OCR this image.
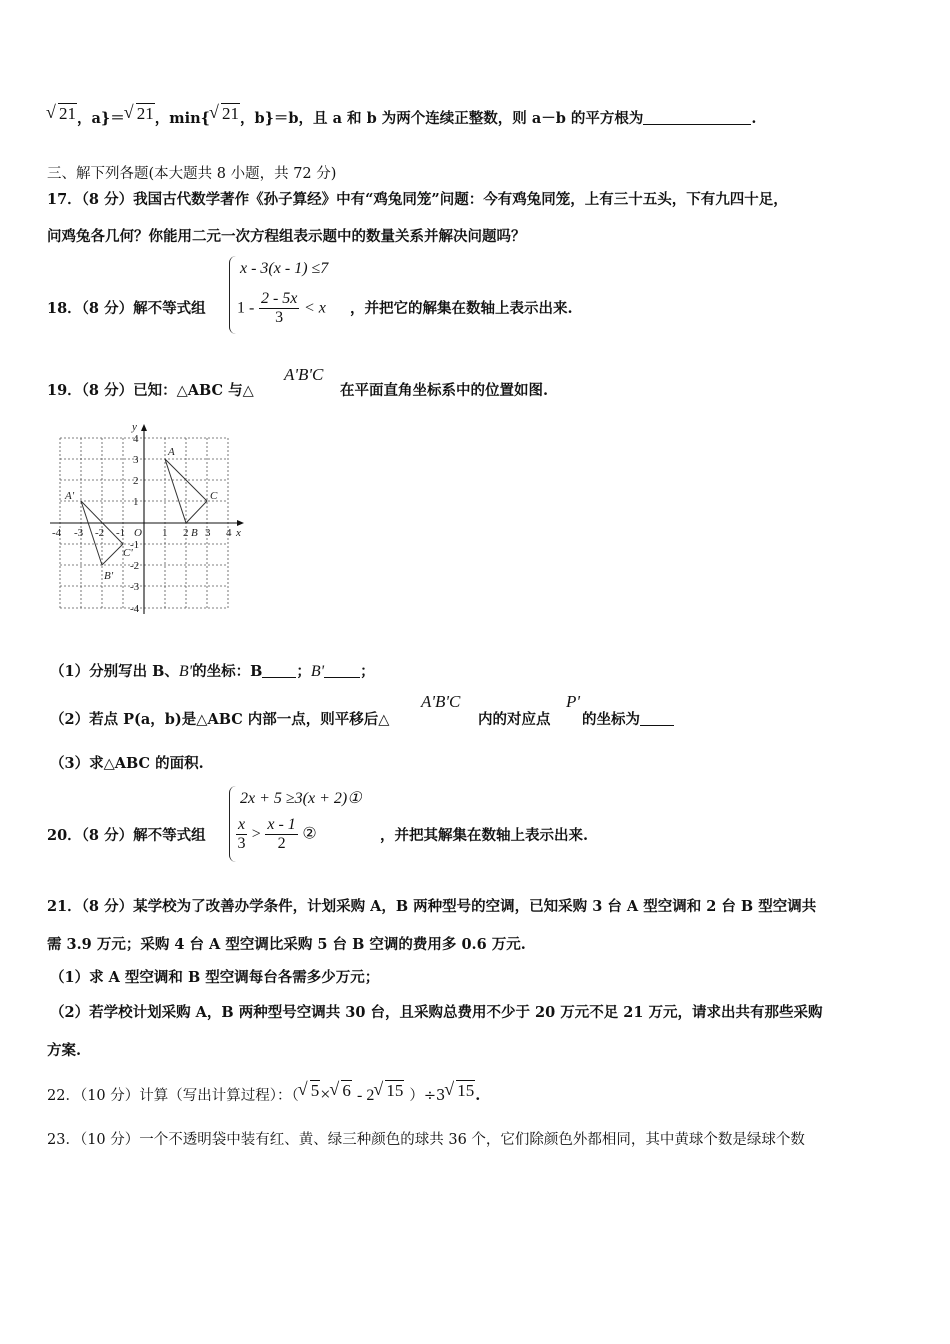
√ 21，a}＝ √ 21，min{ √ 21，b}＝b，且 a 和 b 为两个连续正整数，则 a－b 的平方根为	.
三、解下列各题(本大题共 8 小题，共 72 分)
17．（8 分）我国古代数学著作《孙子算经》中有“鸡兔同笼”问题：今有鸡兔同笼，上有三十五头，下有九四十足，
问鸡兔各几何？你能用二元一次方程组表示题中的数量关系并解决问题吗？
18．（8 分）解不等式组
x - 3(x - 1) ≤7
$1 - \frac{2 - 5x}{3} < x$ ，并把它的解集在数轴上表示出来.
19．（8 分）已知：△ABC 与△
A'B'C
在平面直角坐标系中的位置如图.
-4 -3 -2 -1	1 2 3 4
4
3
2
1
-1
-2
-3
-4
O	x
y
A
B
C
A'
B'
C'
（1）分别写出 B、B'的坐标：B ；B' ；
（2）若点 P(a，b)是△ABC 内部一点，则平移后△
A'B'C
内的对应点
P'
的坐标为
（3）求△ABC 的面积.
20．（8 分）解不等式组
2x + 5 ≥3(x + 2)①
$\frac{x}{3} > \frac{x - 1}{2}$ ②	，并把其解集在数轴上表示出来.
21．（8 分）某学校为了改善办学条件，计划采购 A，B 两种型号的空调，已知采购 3 台 A 型空调和 2 台 B 型空调共
需 3.9 万元；采购 4 台 A 型空调比采购 5 台 B 空调的费用多 0.6 万元.
（1）求 A 型空调和 B 型空调每台各需多少万元；
（2）若学校计划采购 A，B 两种型号空调共 30 台，且采购总费用不少于 20 万元不足 21 万元，请求出共有那些采购
方案.
22．（10 分）计算（写出计算过程）：（ √ 5× √ 6 - 2 √ 15 ）÷3 √ 15.
23．（10 分）一个不透明袋中装有红、黄、绿三种颜色的球共 36 个，它们除颜色外都相同，其中黄球个数是绿球个数
